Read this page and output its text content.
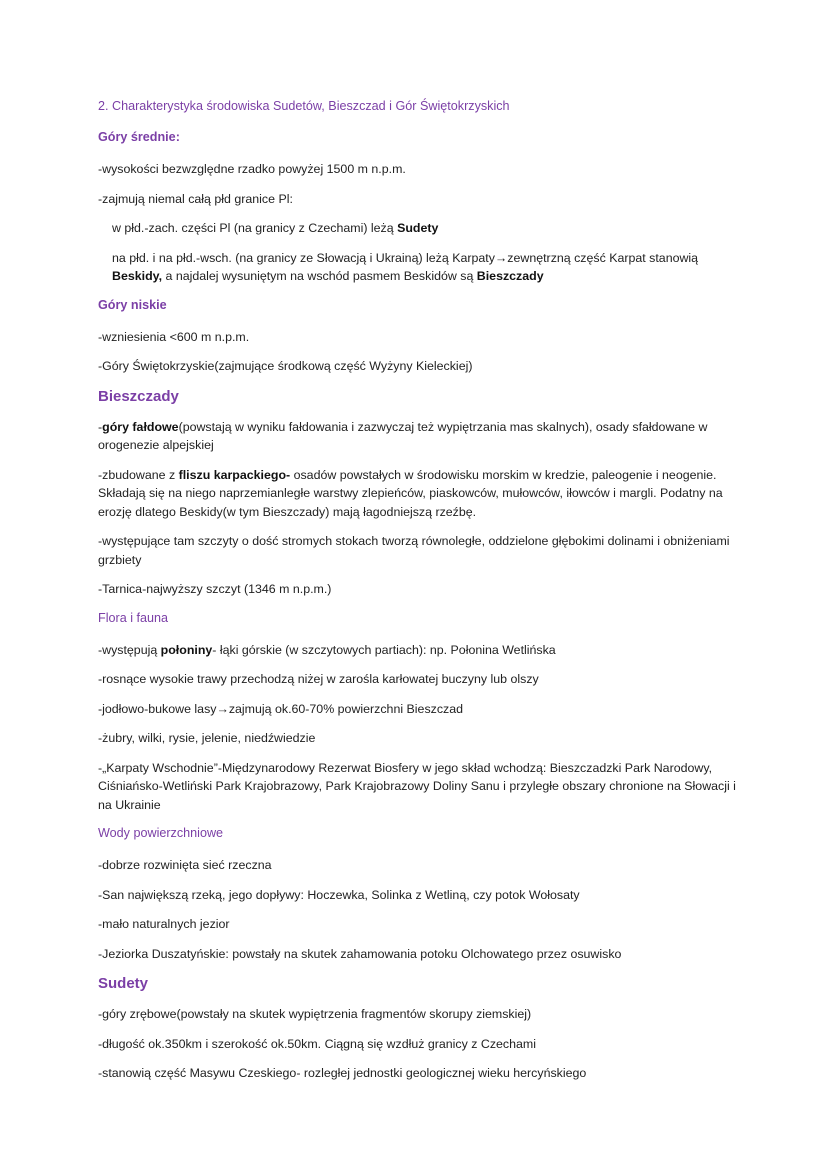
2. Charakterystyka środowiska Sudetów, Bieszczad i Gór Świętokrzyskich
Góry średnie:
-wysokości bezwzględne rzadko powyżej 1500 m n.p.m.
-zajmują niemal całą płd granice Pl:
w płd.-zach. części Pl (na granicy z Czechami) leżą Sudety
na płd. i na płd.-wsch. (na granicy ze Słowacją i Ukrainą) leżą Karpaty→zewnętrzną część Karpat stanowią Beskidy, a najdalej wysuniętym na wschód pasmem Beskidów są Bieszczady
Góry niskie
-wzniesienia <600 m n.p.m.
-Góry Świętokrzyskie(zajmujące środkową część Wyżyny Kieleckiej)
Bieszczady
-góry fałdowe(powstają w wyniku fałdowania i zazwyczaj też wypiętrzania mas skalnych), osady sfałdowane w orogenezie alpejskiej
-zbudowane z fliszu karpackiego- osadów powstałych w środowisku morskim w kredzie, paleogenie i neogenie. Składają się na niego naprzemianległe warstwy zlepieńców, piaskowców, mułowców, iłowców i margli. Podatny na erozję dlatego Beskidy(w tym Bieszczady) mają łagodniejszą rzeźbę.
-występujące tam szczyty o dość stromych stokach tworzą równoległe, oddzielone głębokimi dolinami i obniżeniami grzbiety
-Tarnica-najwyższy szczyt (1346 m n.p.m.)
Flora i fauna
-występują połoniny- łąki górskie (w szczytowych partiach): np. Połonina Wetlińska
-rosnące wysokie trawy przechodzą niżej w zarośla karłowatej buczyny lub olszy
-jodłowo-bukowe lasy→zajmują ok.60-70% powierzchni Bieszczad
-żubry, wilki, rysie, jelenie, niedźwiedzie
-„Karpaty Wschodnie”-Międzynarodowy Rezerwat Biosfery w jego skład wchodzą: Bieszczadzki Park Narodowy, Ciśniańsko-Wetliński Park Krajobrazowy, Park Krajobrazowy Doliny Sanu i przyległe obszary chronione na Słowacji i na Ukrainie
Wody powierzchniowe
-dobrze rozwinięta sieć rzeczna
-San największą rzeką, jego dopływy: Hoczewka, Solinka z Wetliną, czy potok Wołosaty
-mało naturalnych jezior
-Jeziorka Duszatyńskie: powstały na skutek zahamowania potoku Olchowatego przez osuwisko
Sudety
-góry zrębowe(powstały na skutek wypiętrzenia fragmentów skorupy ziemskiej)
-długość ok.350km i szerokość ok.50km. Ciągną się wzdłuż granicy z Czechami
-stanowią część Masywu Czeskiego- rozległej jednostki geologicznej wieku hercyńskiego
